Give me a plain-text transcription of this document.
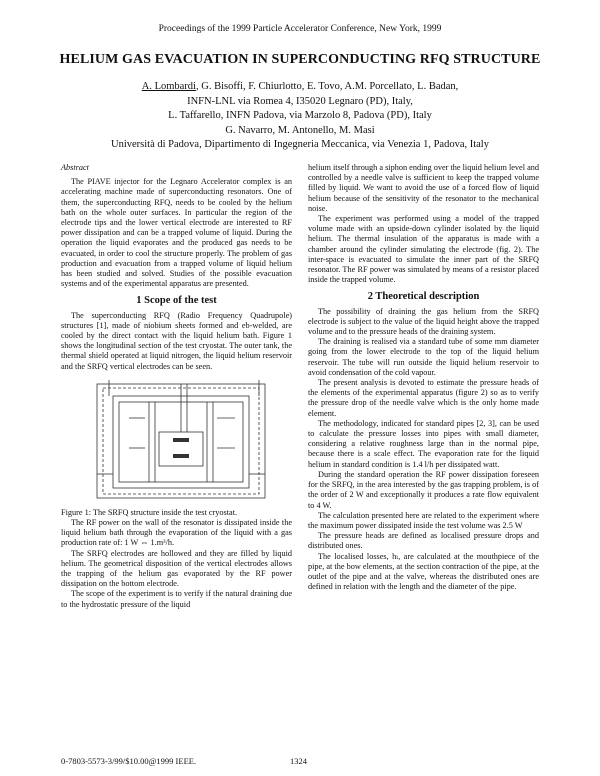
Proceedings of the 1999 Particle Accelerator Conference, New York, 1999
HELIUM GAS EVACUATION IN SUPERCONDUCTING RFQ STRUCTURE
A. Lombardi, G. Bisoffi, F. Chiurlotto, E. Tovo, A.M. Porcellato, L. Badan,
INFN-LNL via Romea 4, I35020 Legnaro (PD), Italy,
L. Taffarello, INFN Padova, via Marzolo 8, Padova (PD), Italy
G. Navarro, M. Antonello, M. Masi
Università di Padova, Dipartimento di Ingegneria Meccanica, via Venezia 1, Padova, Italy
Abstract

The PIAVE injector for the Legnaro Accelerator complex is an accelerating machine made of superconducting resonators. One of them, the superconducting RFQ, needs to be cooled by the helium bath on the whole outer surfaces. In particular the region of the electrode tips and the lower vertical electrode are interested to RF power dissipation and can be a trapped volume of liquid. During the operation the liquid evaporates and the produced gas needs to be evacuated, in order to cool the structure properly. The problem of gas production and evacuation from a trapped volume of liquid helium has been studied and solved. Studies of the possible evacuation systems and of the experimental apparatus are presented.

1 Scope of the test

The superconducting RFQ (Radio Frequency Quadrupole) structures [1], made of niobium sheets formed and eb-welded, are cooled by the direct contact with the liquid helium bath. Figure 1 shows the longitudinal section of the test cryostat. The outer tank, the thermal shield operated at liquid nitrogen, the liquid helium reservoir and the SRFQ vertical electrodes can be seen.

Figure 1: The SRFQ structure inside the test cryostat.

The RF power on the wall of the resonator is dissipated inside the liquid helium bath through the evaporation of the liquid with a gas production rate of: 1 W ⇔ 1.m³/h.

The SRFQ electrodes are hollowed and they are filled by liquid helium. The geometrical disposition of the vertical electrodes allows the trapping of the helium gas evaporated by the RF power dissipation on the bottom electrode.

The scope of the experiment is to verify if the natural draining due to the hydrostatic pressure of the liquid

helium itself through a siphon ending over the liquid helium level and controlled by a needle valve is sufficient to keep the trapped volume filled by liquid. We want to avoid the use of a forced flow of liquid helium because of the sensitivity of the resonator to the mechanical noise.

The experiment was performed using a model of the trapped volume made with an upside-down cylinder isolated by the liquid helium. The thermal insulation of the apparatus is made with a chamber around the cylinder simulating the electrode (fig. 2). The inter-space is evacuated to simulate the inner part of the SRFQ resonator. The RF power was simulated by means of a resistor placed inside the trapped volume.

2 Theoretical description

The possibility of draining the gas helium from the SRFQ electrode is subject to the value of the liquid height above the trapped volume and to the pressure heads of the draining system.

The draining is realised via a standard tube of some mm diameter going from the lower electrode to the top of the liquid helium reservoir. The tube will run outside the liquid helium reservoir to avoid condensation of the cold vapour.

The present analysis is devoted to estimate the pressure heads of the elements of the experimental apparatus (figure 2) so as to verify the pressure drop of the needle valve which is the only home made element.

The methodology, indicated for standard pipes [2, 3], can be used to calculate the pressure losses into pipes with small diameter, considering a relative roughness large than in the normal pipe, because there is a scale effect. The evaporation rate for the liquid helium in standard condition is 1.4 l/h per dissipated watt.

During the standard operation the RF power dissipation foreseen for the SRFQ, in the area interested by the gas trapping problem, is of the order of 2 W and exceptionally it produces a rate flow equivalent to 4 W.

The calculation presented here are related to the experiment where the maximum power dissipated inside the test volume was 2.5 W

The pressure heads are defined as localised pressure drops and distributed ones.

The localised losses, hₗ, are calculated at the mouthpiece of the pipe, at the bow elements, at the section contraction of the pipe, at the outlet of the pipe and at the valve, whereas the distributed ones are defined in relation with the length and the diameter of the pipe.

0-7803-5573-3/99/$10.00@1999 IEEE.	1324
